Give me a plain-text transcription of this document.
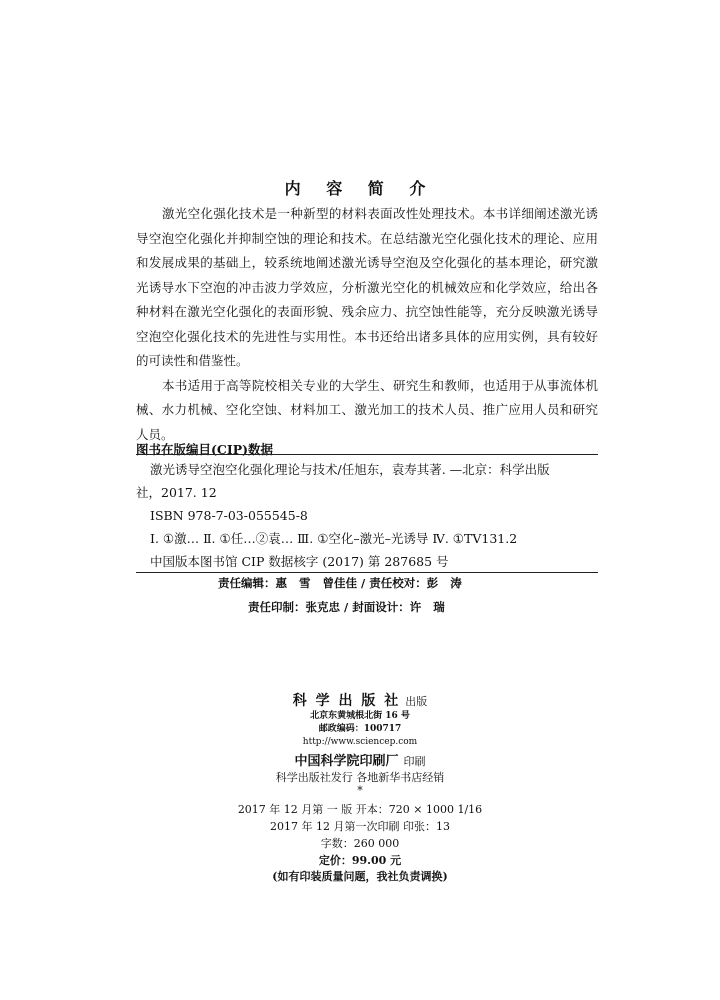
内 容 简 介

激光空化强化技术是一种新型的材料表面改性处理技术。本书详细阐述激光诱导空泡空化强化并抑制空蚀的理论和技术。在总结激光空化强化技术的理论、应用和发展成果的基础上，较系统地阐述激光诱导空泡及空化强化的基本理论，研究激光诱导水下空泡的冲击波力学效应，分析激光空化的机械效应和化学效应，给出各种材料在激光空化强化的表面形貌、残余应力、抗空蚀性能等，充分反映激光诱导空泡空化强化技术的先进性与实用性。本书还给出诸多具体的应用实例，具有较好的可读性和借鉴性。

本书适用于高等院校相关专业的大学生、研究生和教师，也适用于从事流体机械、水力机械、空化空蚀、材料加工、激光加工的技术人员、推广应用人员和研究人员。

图书在版编目(CIP)数据
激光诱导空泡空化强化理论与技术/任旭东，袁寿其著. —北京：科学出版
社，2017. 12
ISBN 978-7-03-055545-8
Ⅰ. ①激… Ⅱ. ①任…②袁… Ⅲ. ①空化–激光–光诱导 Ⅳ. ①TV131.2
中国版本图书馆 CIP 数据核字 (2017) 第 287685 号
责任编辑：惠   雪   曾佳佳 / 责任校对：彭   涛
责任印制：张克忠 / 封面设计：许   瑞
科 学 出 版 社 出版
北京东黄城根北街 16 号
邮政编码：100717
http://www.sciencep.com
中国科学院印刷厂 印刷
科学出版社发行 各地新华书店经销
*
2017 年 12 月第 一 版 开本：720 × 1000 1/16
2017 年 12 月第一次印刷 印张：13
字数：260 000
定价：99.00 元
(如有印装质量问题，我社负责调换)
